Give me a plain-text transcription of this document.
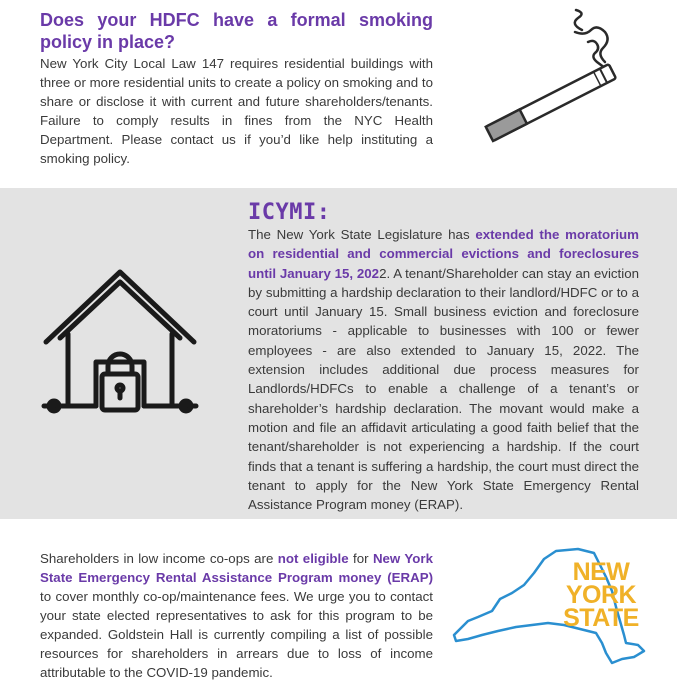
Does your HDFC have a formal smoking policy in place?

New York City Local Law 147 requires residential buildings with three or more residential units to create a policy on smoking and to share or disclose it with current and future shareholders/tenants. Failure to comply results in fines from the NYC Health Department. Please contact us if you’d like help instituting a smoking policy.

ICYMI:

The New York State Legislature has extended the moratorium on residential and commercial evictions and foreclosures until January 15, 2022. A tenant/Shareholder can stay an eviction by submitting a hardship declaration to their landlord/HDFC or to a court until January 15. Small business eviction and foreclosure moratoriums - applicable to businesses with 100 or fewer employees - are also extended to January 15, 2022. The extension includes additional due process measures for Landlords/HDFCs to enable a challenge of a tenant’s or shareholder’s hardship declaration. The movant would make a motion and file an affidavit articulating a good faith belief that the tenant/shareholder is not experiencing a hardship. If the court finds that a tenant is suffering a hardship, the court must direct the tenant to apply for the New York State Emergency Rental Assistance Program money (ERAP).

Shareholders in low income co-ops are not eligible for New York State Emergency Rental Assistance Program money (ERAP) to cover monthly co-op/maintenance fees. We urge you to contact your state elected representatives to ask for this program to be expanded. Goldstein Hall is currently compiling a list of possible resources for shareholders in arrears due to loss of income attributable to the COVID-19 pandemic.

NEW
YORK
STATE
